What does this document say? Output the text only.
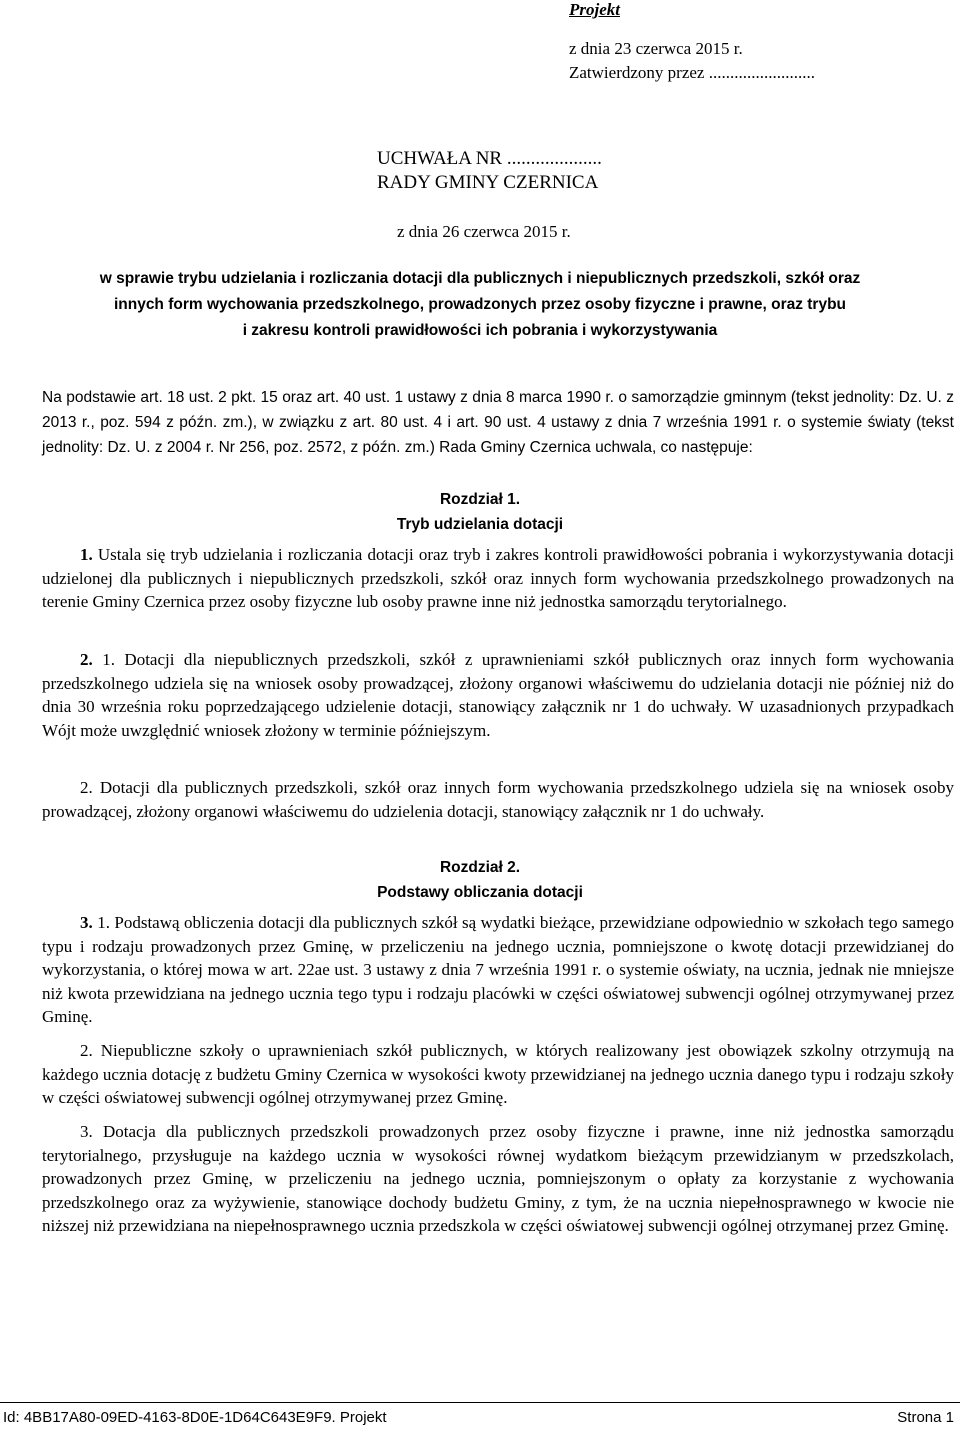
Projekt
z dnia 23 czerwca 2015 r.
Zatwierdzony przez .........................
UCHWAŁA NR ....................
RADY GMINY CZERNICA
z dnia 26 czerwca 2015 r.
w sprawie trybu udzielania i rozliczania dotacji dla publicznych i niepublicznych przedszkoli, szkół oraz
innych form wychowania przedszkolnego, prowadzonych przez osoby fizyczne i prawne, oraz trybu
i zakresu kontroli prawidłowości ich pobrania i wykorzystywania
Na podstawie art. 18 ust. 2 pkt. 15 oraz art. 40 ust. 1 ustawy z dnia 8 marca 1990 r. o samorządzie gminnym (tekst jednolity: Dz. U. z 2013 r., poz. 594 z późn. zm.), w związku z art. 80 ust. 4 i art. 90 ust. 4 ustawy z dnia 7 września 1991 r. o systemie światy (tekst jednolity: Dz. U. z 2004 r. Nr 256, poz. 2572, z późn. zm.) Rada Gminy Czernica uchwala, co następuje:
Rozdział 1.
Tryb udzielania dotacji
1. Ustala się tryb udzielania i rozliczania dotacji oraz tryb i zakres kontroli prawidłowości pobrania i wykorzystywania dotacji udzielonej dla publicznych i niepublicznych przedszkoli, szkół oraz innych form wychowania przedszkolnego prowadzonych na terenie Gminy Czernica przez osoby fizyczne lub osoby prawne inne niż jednostka samorządu terytorialnego.
2. 1. Dotacji dla niepublicznych przedszkoli, szkół z uprawnieniami szkół publicznych oraz innych form wychowania przedszkolnego udziela się na wniosek osoby prowadzącej, złożony organowi właściwemu do udzielania dotacji nie później niż do dnia 30 września roku poprzedzającego udzielenie dotacji, stanowiący załącznik nr 1 do uchwały. W uzasadnionych przypadkach Wójt może uwzględnić wniosek złożony w terminie późniejszym.
2. Dotacji dla publicznych przedszkoli, szkół oraz innych form wychowania przedszkolnego udziela się na wniosek osoby prowadzącej, złożony organowi właściwemu do udzielenia dotacji, stanowiący załącznik nr 1 do uchwały.
Rozdział 2.
Podstawy obliczania dotacji
3. 1. Podstawą obliczenia dotacji dla publicznych szkół są wydatki bieżące, przewidziane odpowiednio w szkołach tego samego typu i rodzaju prowadzonych przez Gminę, w przeliczeniu na jednego ucznia, pomniejszone o kwotę dotacji przewidzianej do wykorzystania, o której mowa w art. 22ae ust. 3 ustawy z dnia 7 września 1991 r. o systemie oświaty, na ucznia, jednak nie mniejsze niż kwota przewidziana na jednego ucznia tego typu i rodzaju placówki w części oświatowej subwencji ogólnej otrzymywanej przez Gminę.
2. Niepubliczne szkoły o uprawnieniach szkół publicznych, w których realizowany jest obowiązek szkolny otrzymują na każdego ucznia dotację z budżetu Gminy Czernica w wysokości kwoty przewidzianej na jednego ucznia danego typu i rodzaju szkoły w części oświatowej subwencji ogólnej otrzymywanej przez Gminę.
3. Dotacja dla publicznych przedszkoli prowadzonych przez osoby fizyczne i prawne, inne niż jednostka samorządu terytorialnego, przysługuje na każdego ucznia w wysokości równej wydatkom bieżącym przewidzianym w przedszkolach, prowadzonych przez Gminę, w przeliczeniu na jednego ucznia, pomniejszonym o opłaty za korzystanie z wychowania przedszkolnego oraz za wyżywienie, stanowiące dochody budżetu Gminy, z tym, że na ucznia niepełnosprawnego w kwocie nie niższej niż przewidziana na niepełnosprawnego ucznia przedszkola w części oświatowej subwencji ogólnej otrzymanej przez Gminę.
Id: 4BB17A80-09ED-4163-8D0E-1D64C643E9F9. Projekt	Strona 1
